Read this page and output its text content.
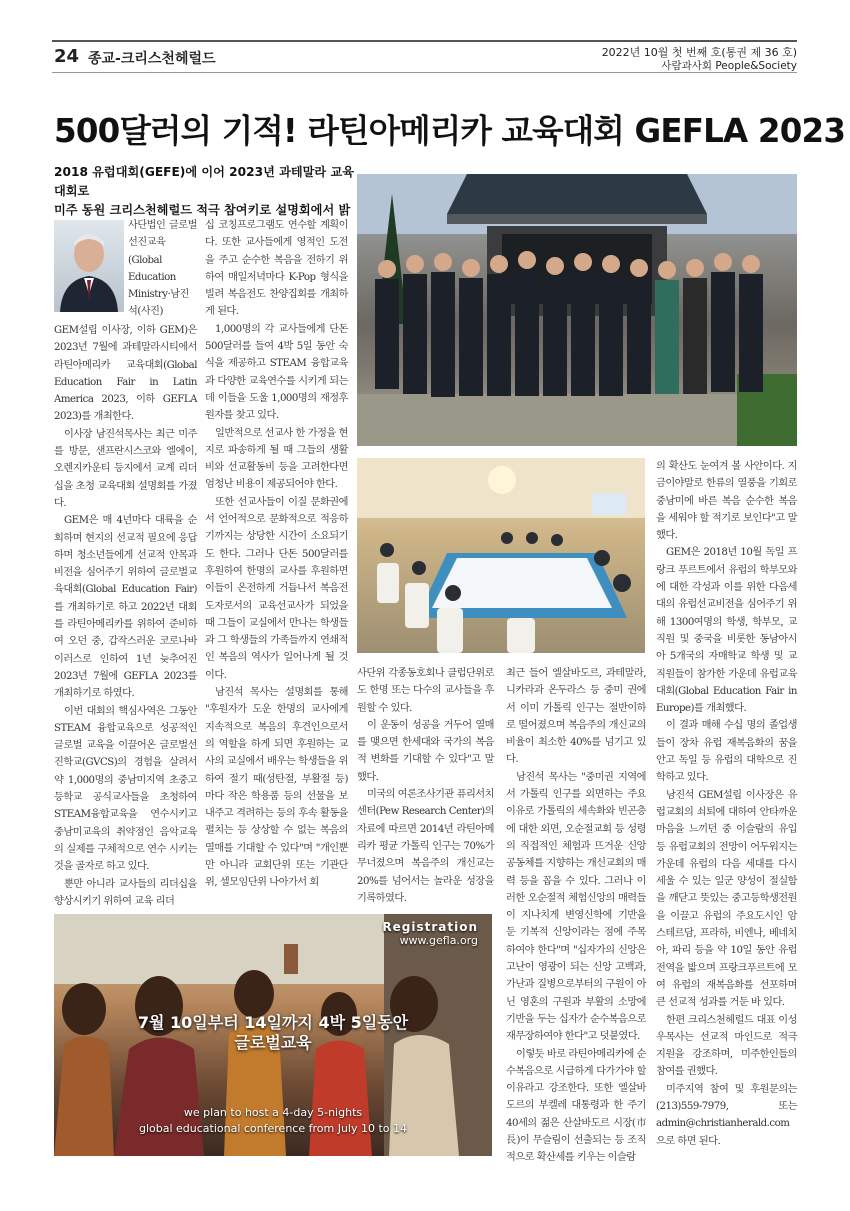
24 종교-크리스천헤럴드	2022년 10월 첫 번째 호(통권 제 36 호)
사람과사회 People&Society
500달러의 기적! 라틴아메리카 교육대회 GEFLA 2023
2018 유럽대회(GEFE)에 이어 2023년 과테말라 교육대회로
미주 동원 크리스천헤럴드 적극 참여키로 설명회에서 밝

사단법인 글로벌선진교육(Global Education Ministry·남진석(사진)

GEM설립 이사장, 이하 GEM)은 2023년 7월에 과테말라시티에서 라틴아메리카 교육대회(Global Education Fair in Latin America 2023, 이하 GEFLA 2023)를 개최한다.

이사장 남진석목사는 최근 미주를 방문, 샌프란시스코와 엘에이, 오렌지카운티 등지에서 교계 리더십을 초청 교육대회 설명회를 가졌다.

GEM은 매 4년마다 대륙을 순회하며 현지의 선교적 필요에 응답하며 청소년들에게 선교적 안목과 비전을 심어주기 위하여 글로벌교육대회(Global Education Fair)를 개최하기로 하고 2022년 대회를 라틴아메리카를 위하여 준비하여 오던 중, 갑작스러운 코로나바이러스로 인하여 1년 늦추어진 2023년 7월에 GEFLA 2023를 개최하기로 하였다.

이번 대회의 핵심사역은 그동안 STEAM 융합교육으로 성공적인 글로벌 교육을 이끌어온 글로벌선진학교(GVCS)의 경험을 살려서 약 1,000명의 중남미지역 초중고등학교 공식교사들을 초청하여 STEAM융합교육을 연수시키고 중남미교육의 취약점인 음악교육의 실제를 구체적으로 연수 시키는 것을 골자로 하고 있다.

뿐만 아니라 교사들의 리더십을 향상시키기 위하여 교육 리더

십 코칭프로그램도 연수할 계획이다. 또한 교사들에게 영적인 도전을 주고 순수한 복음을 전하기 위하여 매일저녁마다 K-Pop 형식을 빌려 복음전도 찬양집회를 개최하게 된다.

1,000명의 각 교사들에게 단돈 500달러를 들여 4박 5일 동안 숙식을 제공하고 STEAM 융합교육과 다양한 교육연수를 시키게 되는데 이들을 도울 1,000명의 재정후원자를 찾고 있다.

일반적으로 선교사 한 가정을 현지로 파송하게 될 때 그들의 생활비와 선교활동비 등을 고려한다면 엄청난 비용이 제공되어야 한다.

또한 선교사들이 이질 문화권에서 언어적으로 문화적으로 적응하기까지는 상당한 시간이 소요되기도 한다. 그러나 단돈 500달러를 후원하여 한명의 교사를 후원하면 이들이 온전하게 거듭나서 복음전도자로서의 교육선교사가 되었을 때 그들이 교실에서 만나는 학생들과 그 학생들의 가족들까지 연쇄적인 복음의 역사가 일어나게 될 것이다.

남진석 목사는 설명회를 통해 "후원자가 도운 한명의 교사에게 지속적으로 복음의 후견인으로서의 역할을 하게 되면 후원하는 교사의 교실에서 배우는 학생들을 위하여 절기 때(성탄절, 부활절 등) 마다 작은 학용품 등의 선물을 보내주고 격려하는 등의 후속 활동을 펼치는 등 상상할 수 없는 복음의 열매를 기대할 수 있다"며 "개인뿐만 아니라 교회단위 또는 기관단위, 셀모임단위 나아가서 회

사단위 각종동호회나 클럽단위로도 한명 또는 다수의 교사들을 후원할 수 있다.

이 운동이 성공을 거두어 열매를 맺으면 한세대와 국가의 복음적 변화를 기대할 수 있다"고 말했다.

미국의 여론조사기관 퓨리서치센터(Pew Research Center)의 자료에 따르면 2014년 라틴아메리카 평균 가톨릭 인구는 70%가 무너졌으며 복음주의 개신교는 20%를 넘어서는 놀라운 성장을 기록하였다.

최근 들어 엘살바도르, 과테말라, 니카라과 온두라스 등 중미 권에서 이미 가톨릭 인구는 절반이하로 떨어졌으며 복음주의 개신교의 비율이 최소한 40%를 넘기고 있다.

남진석 목사는 "중미권 지역에서 가톨릭 인구를 외면하는 주요 이유로 가톨릭의 세속화와 빈곤층에 대한 외면, 오순절교회 등 성령의 직접적인 체험과 뜨거운 신앙공동체를 지향하는 개신교회의 매력 등을 꼽을 수 있다. 그러나 이러한 오순절적 체험신앙의 매력들이 지나치게 변영신학에 기반을 둔 기복적 신앙이라는 점에 주목하여야 한다"며 "십자가의 신앙은 고난이 영광이 되는 신앙 고백과, 가난과 질병으로부터의 구원이 아닌 영혼의 구원과 부활의 소망에 기반을 두는 십자가 순수복음으로 재무장하여야 한다"고 덧붙였다.

이렇듯 바로 라틴아메리카에 순수복음으로 시급하게 다가가야 할 이유라고 강조한다. 또한 엘살바도르의 부켈레 대통령과 한 주기 40세의 젊은 산살바도르 시장(市長)이 무슬림이 선출되는 등 조직적으로 확산세를 키우는 이슬람

의 확산도 눈여겨 볼 사안이다. 지금이야말로 한류의 열풍을 기회로 중남미에 바른 복음 순수한 복음을 세워야 할 적기로 보인다"고 말했다.

GEM은 2018년 10월 독일 프랑크 푸르트에서 유럽의 학부모와 에 대한 각성과 이를 위한 다음세대의 유럽선교비전을 심어주기 위해 1300여명의 학생, 학부모, 교직원 및 중국을 비롯한 동남아시아 5개국의 자매학교 학생 및 교직원들이 참가한 가운데 유럽교육대회(Global Education Fair in Europe)를 개최했다.

이 결과 매해 수십 명의 졸업생들이 장차 유럽 재복음화의 꿈을 안고 독일 등 유럽의 대학으로 진학하고 있다.

남진석 GEM설립 이사장은 유럽교회의 쇠퇴에 대하여 안타까운 마음을 느끼던 중 이슬람의 유입 등 유럽교회의 전망이 어두워지는 가운데 유럽의 다음 세대를 다시 세울 수 있는 일군 양성이 절실함을 깨닫고 뜻있는 중고등학생전원을 이끌고 유럽의 주요도시인 암스테르담, 프라하, 비엔나, 베네치아, 파리 등을 약 10일 동안 유럽전역을 밟으며 프랑크푸르트에 모여 유럽의 재복음화를 선포하며 큰 선교적 성과를 거둔 바 있다.

한편 크리스천헤럴드 대표 이성우목사는 선교적 마인드로 적극 지원을 강조하며, 미주한인들의 참여를 권했다.

미주지역 참여 및 후원문의는 (213)559-7979, 또는 admin@christianherald.com 으로 하면 된다.

Registration
www.gefla.org
7월 10일부터 14일까지 4박 5일동안
글로벌교육
we plan to host a 4-day 5-nights
global educational conference from July 10 to 14
